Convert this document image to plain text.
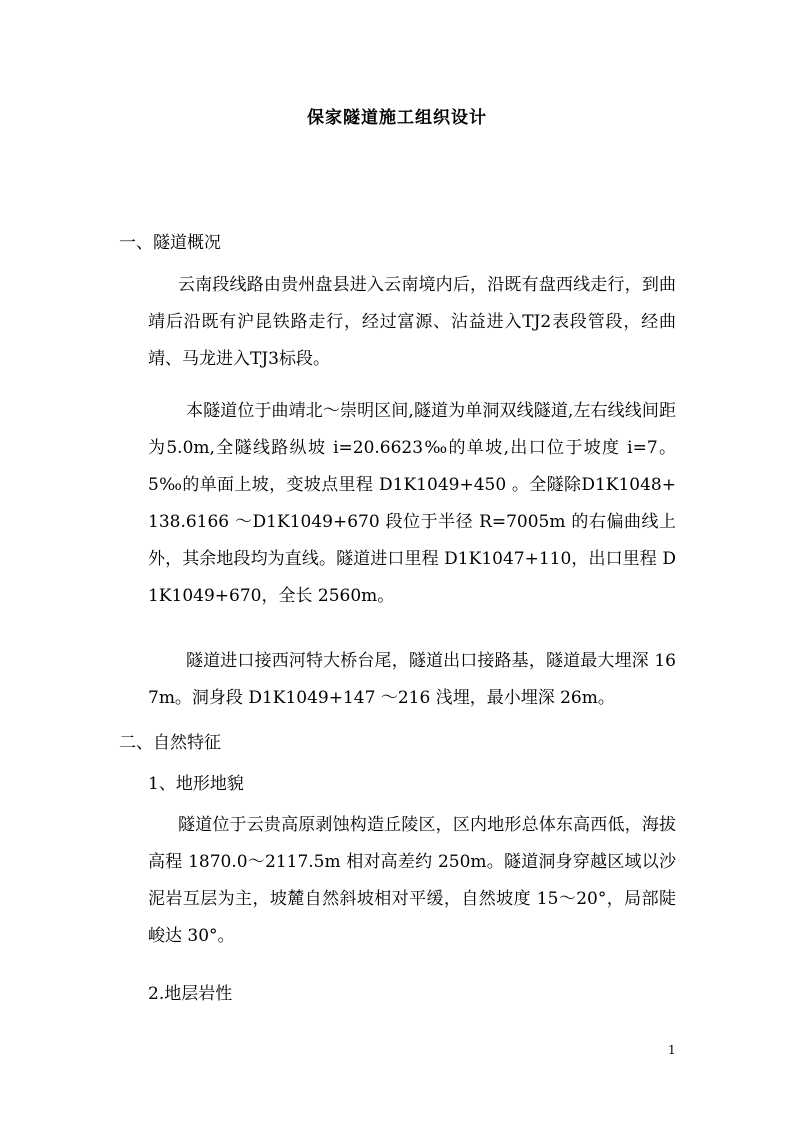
保家隧道施工组织设计
一、隧道概况
云南段线路由贵州盘县进入云南境内后，沿既有盘西线走行，到曲靖后沿既有沪昆铁路走行，经过富源、沾益进入TJ2表段管段，经曲靖、马龙进入TJ3标段。
本隧道位于曲靖北～崇明区间,隧道为单洞双线隧道,左右线线间距为5.0m,全隧线路纵坡 i=20.6623‰的单坡,出口位于坡度 i=7。5‰的单面上坡，变坡点里程 D1K1049+450 。全隧除D1K1048+138.6166 ～D1K1049+670 段位于半径 R=7005m 的右偏曲线上外，其余地段均为直线。隧道进口里程 D1K1047+110，出口里程 D1K1049+670，全长 2560m。
隧道进口接西河特大桥台尾，隧道出口接路基，隧道最大埋深 167m。洞身段 D1K1049+147 ～216 浅埋，最小埋深 26m。
二、自然特征
1、地形地貌
隧道位于云贵高原剥蚀构造丘陵区，区内地形总体东高西低，海拔高程 1870.0～2117.5m 相对高差约 250m。隧道洞身穿越区域以沙泥岩互层为主，坡麓自然斜坡相对平缓，自然坡度 15～20°，局部陡峻达 30°。
2.地层岩性
1
